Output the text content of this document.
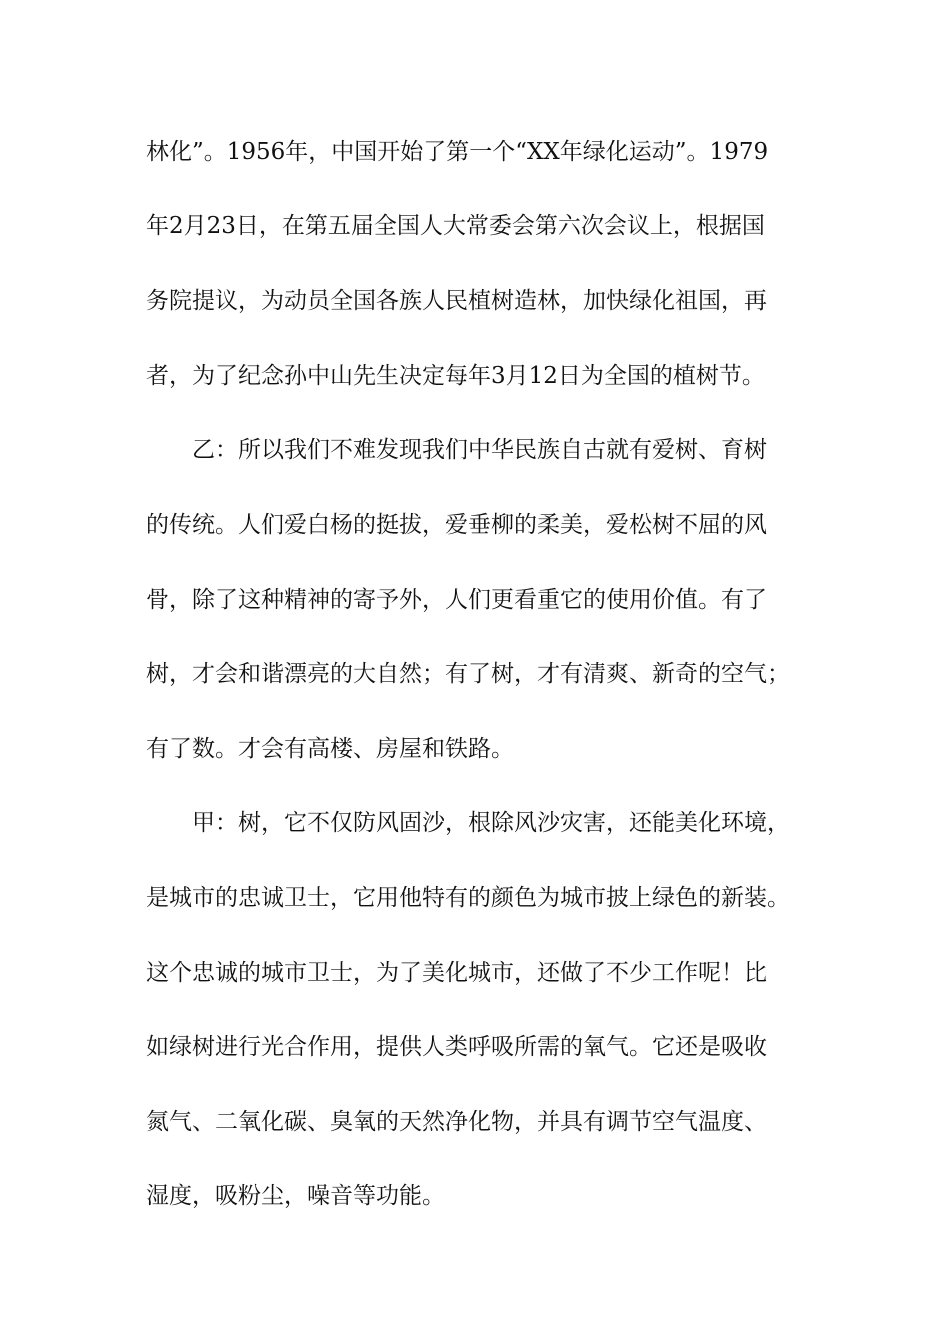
林化”。1956年，中国开始了第一个“XX年绿化运动”。1979
年2月23日，在第五届全国人大常委会第六次会议上，根据国
务院提议，为动员全国各族人民植树造林，加快绿化祖国，再
者，为了纪念孙中山先生决定每年3月12日为全国的植树节。
乙：所以我们不难发现我们中华民族自古就有爱树、育树
的传统。人们爱白杨的挺拔，爱垂柳的柔美，爱松树不屈的风
骨，除了这种精神的寄予外，人们更看重它的使用价值。有了
树，才会和谐漂亮的大自然；有了树，才有清爽、新奇的空气；
有了数。才会有高楼、房屋和铁路。
甲：树，它不仅防风固沙，根除风沙灾害，还能美化环境，
是城市的忠诚卫士，它用他特有的颜色为城市披上绿色的新装。
这个忠诚的城市卫士，为了美化城市，还做了不少工作呢！比
如绿树进行光合作用，提供人类呼吸所需的氧气。它还是吸收
氮气、二氧化碳、臭氧的天然净化物，并具有调节空气温度、
湿度，吸粉尘，噪音等功能。
